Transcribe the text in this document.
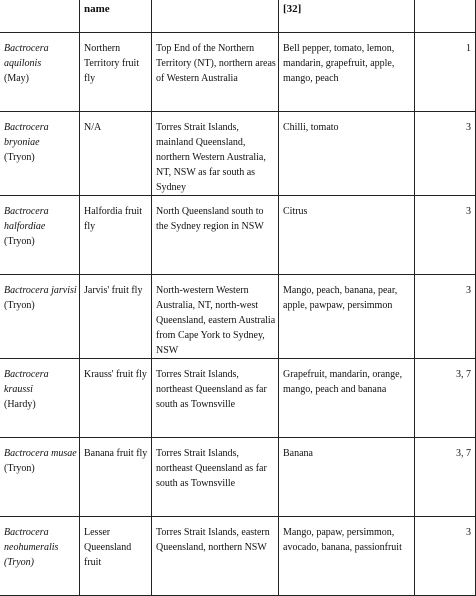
	name		[32]	

Bactrocera aquilonis
(May)	Northern Territory fruit fly	Top End of the Northern Territory (NT), northern areas of Western Australia	Bell pepper, tomato, lemon, mandarin, grapefruit, apple, mango, peach	1

Bactrocera bryoniae
(Tryon)	N/A	Torres Strait Islands, mainland Queensland, northern Western Australia, NT, NSW as far south as Sydney	Chilli, tomato	3

Bactrocera halfordiae
(Tryon)	Halfordia fruit fly	North Queensland south to the Sydney region in NSW	Citrus	3

Bactrocera jarvisi
(Tryon)	Jarvis' fruit fly	North-western Western Australia, NT, north-west Queensland, eastern Australia from Cape York to Sydney, NSW	Mango, peach, banana, pear, apple, pawpaw, persimmon	3

Bactrocera kraussi
(Hardy)	Krauss' fruit fly	Torres Strait Islands, northeast Queensland as far south as Townsville	Grapefruit, mandarin, orange, mango, peach and banana	3, 7

Bactrocera musae
(Tryon)	Banana fruit fly	Torres Strait Islands, northeast Queensland as far south as Townsville	Banana	3, 7

Bactrocera neohumeralis (Tryon)	Lesser Queensland fruit	Torres Strait Islands, eastern Queensland, northern NSW	Mango, papaw, persimmon, avocado, banana, passionfruit	3
